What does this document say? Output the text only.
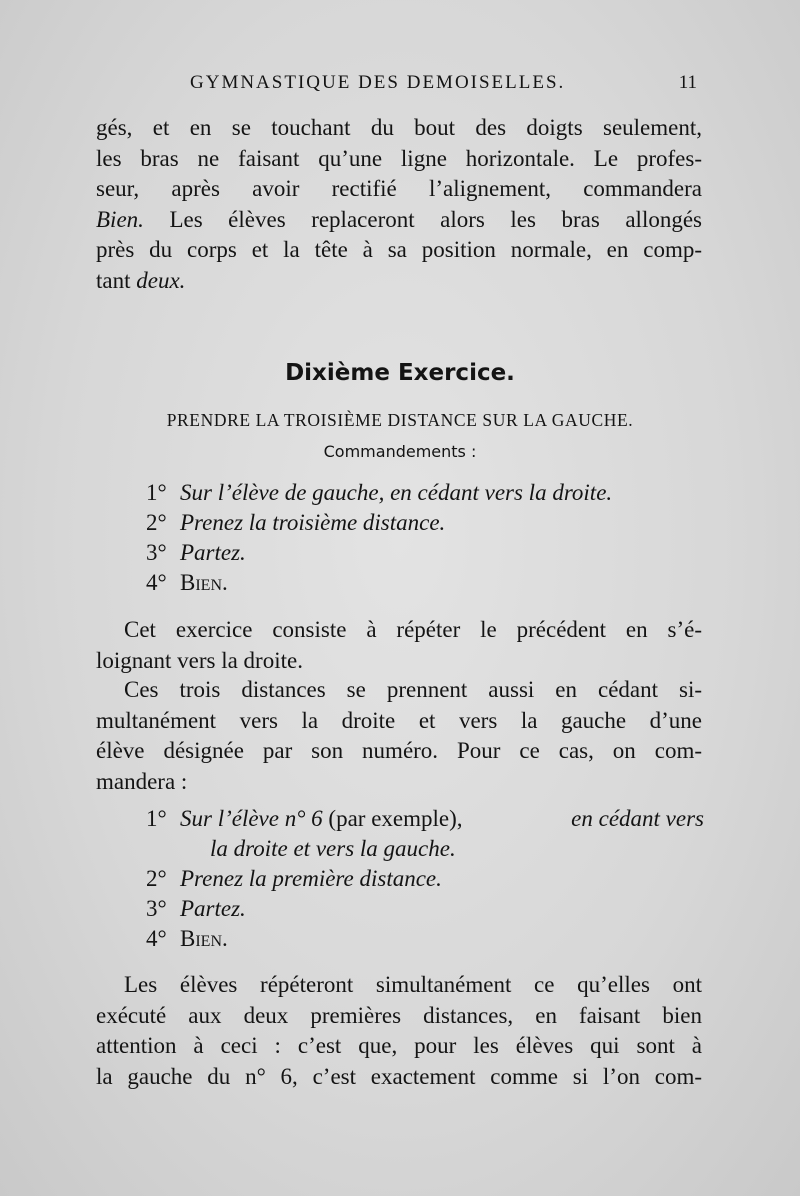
GYMNASTIQUE DES DEMOISELLES.	11
gés, et en se touchant du bout des doigts seulement,
les bras ne faisant qu’une ligne horizontale. Le profes-
seur, après avoir rectifié l’alignement, commandera
Bien. Les élèves replaceront alors les bras allongés
près du corps et la tête à sa position normale, en comp-
tant deux.
Dixième Exercice.
PRENDRE LA TROISIÈME DISTANCE SUR LA GAUCHE.
Commandements :
1° Sur l’élève de gauche, en cédant vers la droite.
2° Prenez la troisième distance.
3° Partez.
4° Bien.
Cet exercice consiste à répéter le précédent en s’é-
loignant vers la droite.
Ces trois distances se prennent aussi en cédant si-
multanément vers la droite et vers la gauche d’une
élève désignée par son numéro. Pour ce cas, on com-
mandera :
1° Sur l’élève n° 6 (par exemple),	en cédant vers
la droite et vers la gauche.
2° Prenez la première distance.
3° Partez.
4° Bien.
Les élèves répéteront simultanément ce qu’elles ont
exécuté aux deux premières distances, en faisant bien
attention à ceci : c’est que, pour les élèves qui sont à
la gauche du n° 6, c’est exactement comme si l’on com-
